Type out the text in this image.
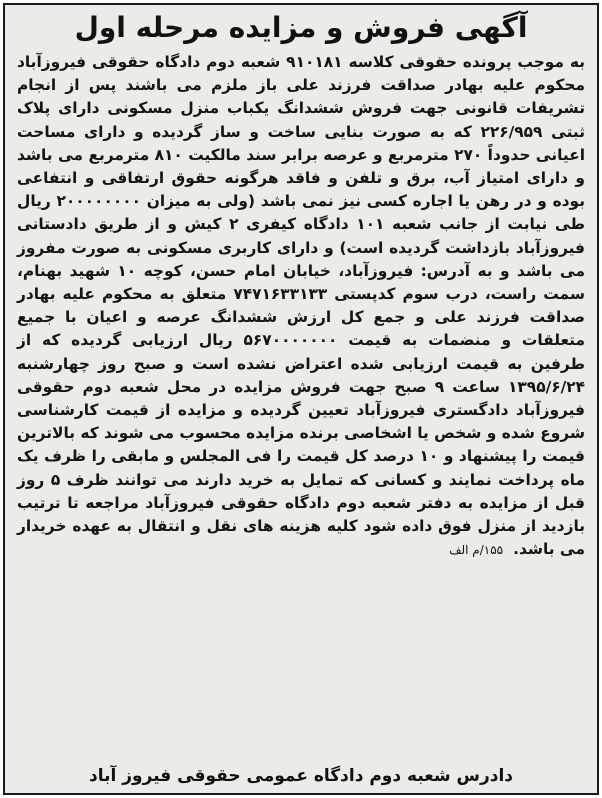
آگهی فروش و مزایده مرحله اول

به موجب پرونده حقوقی کلاسه ۹۱۰۱۸۱ شعبه دوم دادگاه حقوقی فیروزآباد محکوم علیه بهادر صداقت فرزند علی باز ملزم می باشند پس از انجام تشریفات قانونی جهت فروش ششدانگ یکباب منزل مسکونی دارای پلاک ثبتی ۲۲۶/۹۵۹ که به صورت بنایی ساخت و ساز گردیده و دارای مساحت اعیانی حدوداً ۲۷۰ مترمربع و عرصه برابر سند مالکیت ۸۱۰ مترمربع می باشد و دارای امتیاز آب، برق و تلفن و فاقد هرگونه حقوق ارتفاقی و انتفاعی بوده و در رهن یا اجاره کسی نیز نمی باشد (ولی به میزان ۲۰۰۰۰۰۰۰۰ ریال طی نیابت از جانب شعبه ۱۰۱ دادگاه کیفری ۲ کیش و از طریق دادستانی فیروزآباد بازداشت گردیده است) و دارای کاربری مسکونی به صورت مفروز می باشد و به آدرس: فیروزآباد، خیابان امام حسن، کوچه ۱۰ شهید بهنام، سمت راست، درب سوم کدپستی ۷۴۷۱۶۳۳۱۳۳ متعلق به محکوم علیه بهادر صداقت فرزند علی و جمع کل ارزش ششدانگ عرصه و اعیان با جمیع متعلقات و منضمات به قیمت ۵۶۷۰۰۰۰۰۰۰ ریال ارزیابی گردیده که از طرفین به قیمت ارزیابی شده اعتراض نشده است و صبح روز چهارشنبه ۱۳۹۵/۶/۲۴ ساعت ۹ صبح جهت فروش مزایده در محل شعبه دوم حقوقی فیروزآباد دادگستری فیروزآباد تعیین گردیده و مزایده از قیمت کارشناسی شروع شده و شخص یا اشخاصی برنده مزایده محسوب می شوند که بالاترین قیمت را پیشنهاد و ۱۰ درصد کل قیمت را فی المجلس و مابقی را ظرف یک ماه پرداخت نمایند و کسانی که تمایل به خرید دارند می توانند ظرف ۵ روز قبل از مزایده به دفتر شعبه دوم دادگاه حقوقی فیروزآباد مراجعه تا ترتیب بازدید از منزل فوق داده شود کلیه هزینه های نقل و انتقال به عهده خریدار می باشد.۱۵۵/م الف

دادرس شعبه دوم دادگاه عمومی حقوقی فیروز آباد
